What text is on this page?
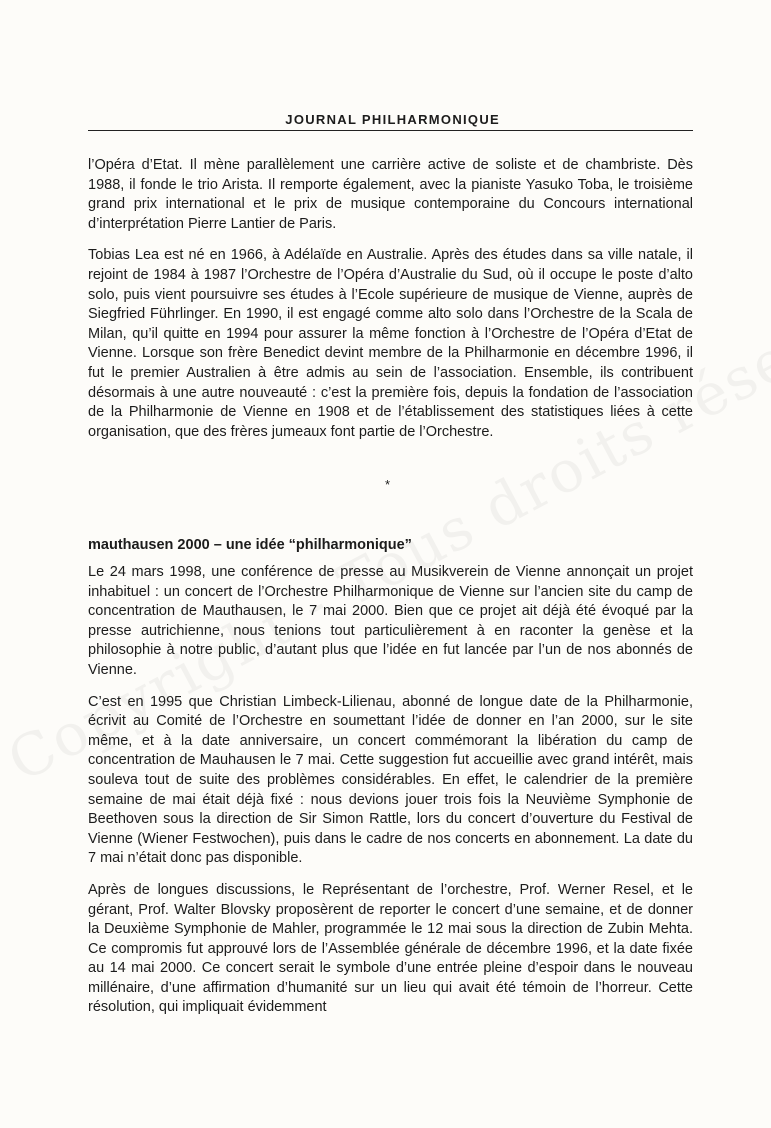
JOURNAL PHILHARMONIQUE

l’Opéra d’Etat. Il mène parallèlement une carrière active de soliste et de chambriste. Dès 1988, il fonde le trio Arista. Il remporte également, avec la pianiste Yasuko Toba, le troisième grand prix international et le prix de musique contemporaine du Concours international d’interprétation Pierre Lantier de Paris.

Tobias Lea est né en 1966, à Adélaïde en Australie. Après des études dans sa ville natale, il rejoint de 1984 à 1987 l’Orchestre de l’Opéra d’Australie du Sud, où il occupe le poste d’alto solo, puis vient poursuivre ses études à l’Ecole supérieure de musique de Vienne, auprès de Siegfried Führlinger. En 1990, il est engagé comme alto solo dans l’Orchestre de la Scala de Milan, qu’il quitte en 1994 pour assurer la même fonction à l’Orchestre de l’Opéra d’Etat de Vienne. Lorsque son frère Benedict devint membre de la Philharmonie en décembre 1996, il fut le premier Australien à être admis au sein de l’association. Ensemble, ils contribuent désormais à une autre nouveauté : c’est la première fois, depuis la fondation de l’association de la Philharmonie de Vienne en 1908 et de l’établissement des statistiques liées à cette organisation, que des frères jumeaux font partie de l’Orchestre.

*
mauthausen 2000 – une idée “philharmonique”

Le 24 mars 1998, une conférence de presse au Musikverein de Vienne annonçait un projet inhabituel : un concert de l’Orchestre Philharmonique de Vienne sur l’ancien site du camp de concentration de Mauthausen, le 7 mai 2000. Bien que ce projet ait déjà été évoqué par la presse autrichienne, nous tenions tout particulièrement à en raconter la genèse et la philosophie à notre public, d’autant plus que l’idée en fut lancée par l’un de nos abonnés de Vienne.

C’est en 1995 que Christian Limbeck-Lilienau, abonné de longue date de la Philharmonie, écrivit au Comité de l’Orchestre en soumettant l’idée de donner en l’an 2000, sur le site même, et à la date anniversaire, un concert commémorant la libération du camp de concentration de Mauhausen le 7 mai. Cette suggestion fut accueillie avec grand intérêt, mais souleva tout de suite des problèmes considérables. En effet, le calendrier de la première semaine de mai était déjà fixé : nous devions jouer trois fois la Neuvième Symphonie de Beethoven sous la direction de Sir Simon Rattle, lors du concert d’ouverture du Festival de Vienne (Wiener Festwochen), puis dans le cadre de nos concerts en abonnement. La date du 7 mai n’était donc pas disponible.

Après de longues discussions, le Représentant de l’orchestre, Prof. Werner Resel, et le gérant, Prof. Walter Blovsky proposèrent de reporter le concert d’une semaine, et de donner la Deuxième Symphonie de Mahler, programmée le 12 mai sous la direction de Zubin Mehta. Ce compromis fut approuvé lors de l’Assemblée générale de décembre 1996, et la date fixée au 14 mai 2000. Ce concert serait le symbole d’une entrée pleine d’espoir dans le nouveau millénaire, d’une affirmation d’humanité sur un lieu qui avait été témoin de l’horreur. Cette résolution, qui impliquait évidemment
